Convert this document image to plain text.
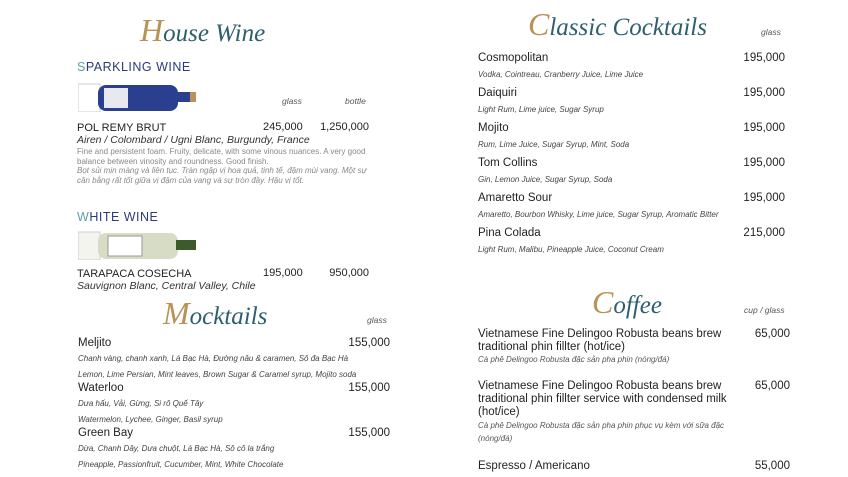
House Wine
SPARKLING WINE
glass	bottle
POL REMY BRUT	245,000 1,250,000
Airen / Colombard / Ugni Blanc, Burgundy, France
Fine and persistent foam. Fruity, delicate, with some vinous nuances. A very good balance between vinosity and roundness. Good finish.
Bọt sủi mịn màng và liên tục. Tràn ngập vị hoa quả, tinh tế, đậm mùi vang. Một sự cân bằng rất tốt giữa vị đậm của vang và sự tròn đầy. Hậu vị tốt.
WHITE WINE
TARAPACA COSECHA	195,000 950,000
Sauvignon Blanc, Central Valley, Chile
Mocktails	glass
Meljito	155,000
Chanh vàng, chanh xanh, Lá Bạc Hà, Đường nâu & caramen, Sô đa Bạc Hà
Lemon, Lime Persian, Mint leaves, Brown Sugar & Caramel syrup, Mojito soda
Waterloo	155,000
Dưa hấu, Vải, Gừng, Si rô Quế Tây
Watermelon, Lychee, Ginger, Basil syrup
Green Bay	155,000
Dừa, Chanh Dây, Dưa chuột, Lá Bạc Hà, Sô cô la trắng
Pineapple, Passionfruit, Cucumber, Mint, White Chocolate
Classic Cocktails	glass
Cosmopolitan	195,000
Vodka, Cointreau, Cranberry Juice, Lime Juice
Daiquiri	195,000
Light Rum, Lime juice, Sugar Syrup
Mojito	195,000
Rum, Lime Juice, Sugar Syrup, Mint, Soda
Tom Collins	195,000
Gin, Lemon Juice, Sugar Syrup, Soda
Amaretto Sour	195,000
Amaretto, Bourbon Whisky, Lime juice, Sugar Syrup, Aromatic Bitter
Pina Colada	215,000
Light Rum, Malibu, Pineapple Juice, Coconut Cream
Coffee	cup / glass
Vietnamese Fine Delingoo Robusta beans brew traditional phin fillter (hot/ice)
65,000
Cà phê Delingoo Robusta đặc sản pha phin (nóng/đá)
Vietnamese Fine Delingoo Robusta beans brew traditional phin fillter service with condensed milk (hot/ice)
65,000
Cà phê Delingoo Robusta đặc sản pha phin phục vụ kèm với sữa đặc (nóng/đá)
Espresso / Americano	55,000
